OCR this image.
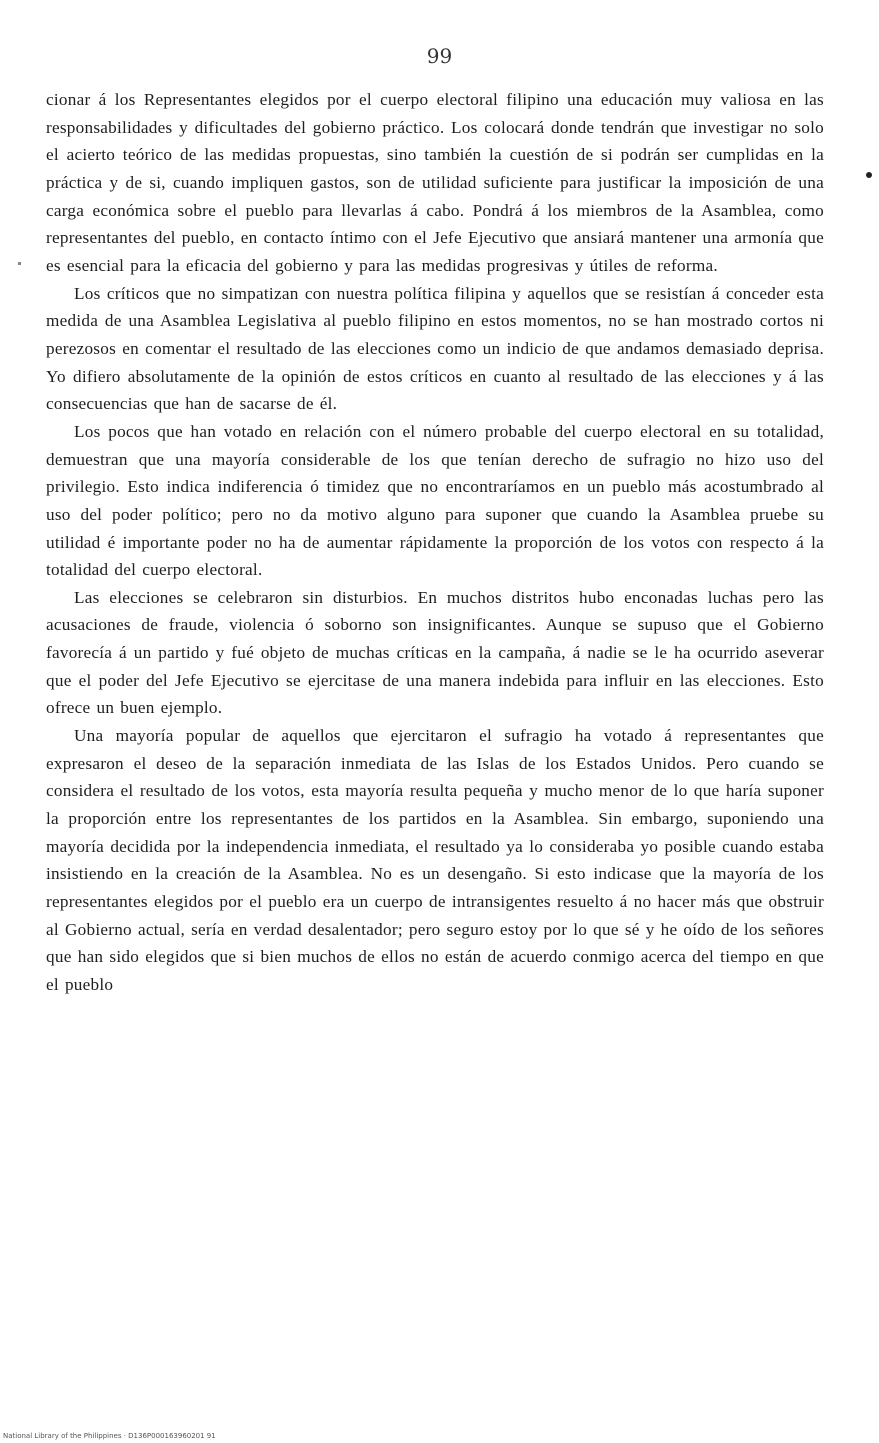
99

cionar á los Representantes elegidos por el cuerpo electoral filipino una educación muy valiosa en las responsabilidades y dificultades del gobierno práctico. Los colocará donde tendrán que investigar no solo el acierto teórico de las medidas propuestas, sino también la cuestión de si podrán ser cumplidas en la práctica y de si, cuando impliquen gastos, son de utilidad suficiente para justificar la imposición de una carga económica sobre el pueblo para llevarlas á cabo. Pondrá á los miembros de la Asamblea, como representantes del pueblo, en contacto íntimo con el Jefe Ejecutivo que ansiará mantener una armonía que es esencial para la eficacia del gobierno y para las medidas progresivas y útiles de reforma.

Los críticos que no simpatizan con nuestra política filipina y aquellos que se resistían á conceder esta medida de una Asamblea Legislativa al pueblo filipino en estos momentos, no se han mostrado cortos ni perezosos en comentar el resultado de las elecciones como un indicio de que andamos demasiado deprisa. Yo difiero absolutamente de la opinión de estos críticos en cuanto al resultado de las elecciones y á las consecuencias que han de sacarse de él.

Los pocos que han votado en relación con el número probable del cuerpo electoral en su totalidad, demuestran que una mayoría considerable de los que tenían derecho de sufragio no hizo uso del privilegio. Esto indica indiferencia ó timidez que no encontraríamos en un pueblo más acostumbrado al uso del poder político; pero no da motivo alguno para suponer que cuando la Asamblea pruebe su utilidad é importante poder no ha de aumentar rápidamente la proporción de los votos con respecto á la totalidad del cuerpo electoral.

Las elecciones se celebraron sin disturbios. En muchos distritos hubo enconadas luchas pero las acusaciones de fraude, violencia ó soborno son insignificantes. Aunque se supuso que el Gobierno favorecía á un partido y fué objeto de muchas críticas en la campaña, á nadie se le ha ocurrido aseverar que el poder del Jefe Ejecutivo se ejercitase de una manera indebida para influir en las elecciones. Esto ofrece un buen ejemplo.

Una mayoría popular de aquellos que ejercitaron el sufragio ha votado á representantes que expresaron el deseo de la separación inmediata de las Islas de los Estados Unidos. Pero cuando se considera el resultado de los votos, esta mayoría resulta pequeña y mucho menor de lo que haría suponer la proporción entre los representantes de los partidos en la Asamblea. Sin embargo, suponiendo una mayoría decidida por la independencia inmediata, el resultado ya lo consideraba yo posible cuando estaba insistiendo en la creación de la Asamblea. No es un desengaño. Si esto indicase que la mayoría de los representantes elegidos por el pueblo era un cuerpo de intransigentes resuelto á no hacer más que obstruir al Gobierno actual, sería en verdad desalentador; pero seguro estoy por lo que sé y he oído de los señores que han sido elegidos que si bien muchos de ellos no están de acuerdo conmigo acerca del tiempo en que el pueblo

National Library of the Philippines · D136P000163960201 91
